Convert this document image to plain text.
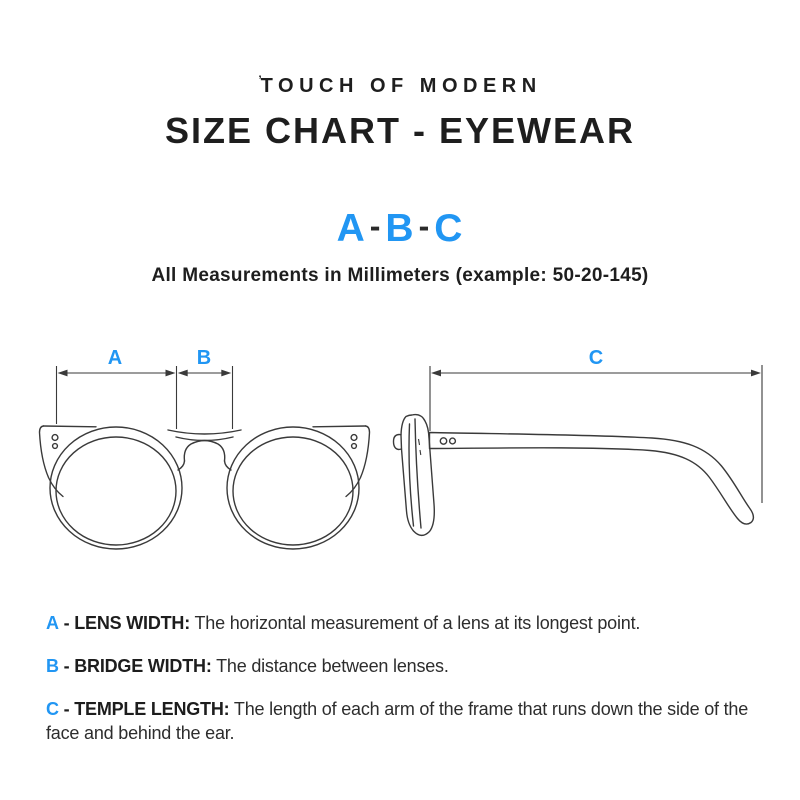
$^ʼ$TOUCH OF MODERN
SIZE CHART - EYEWEAR
A - B - C
All Measurements in Millimeters (example: 50-20-145)
A	B	C

A - LENS WIDTH: The horizontal measurement of a lens at its longest point.

B - BRIDGE WIDTH: The distance between lenses.

C - TEMPLE LENGTH: The length of each arm of the frame that runs down the side of the face and behind the ear.
